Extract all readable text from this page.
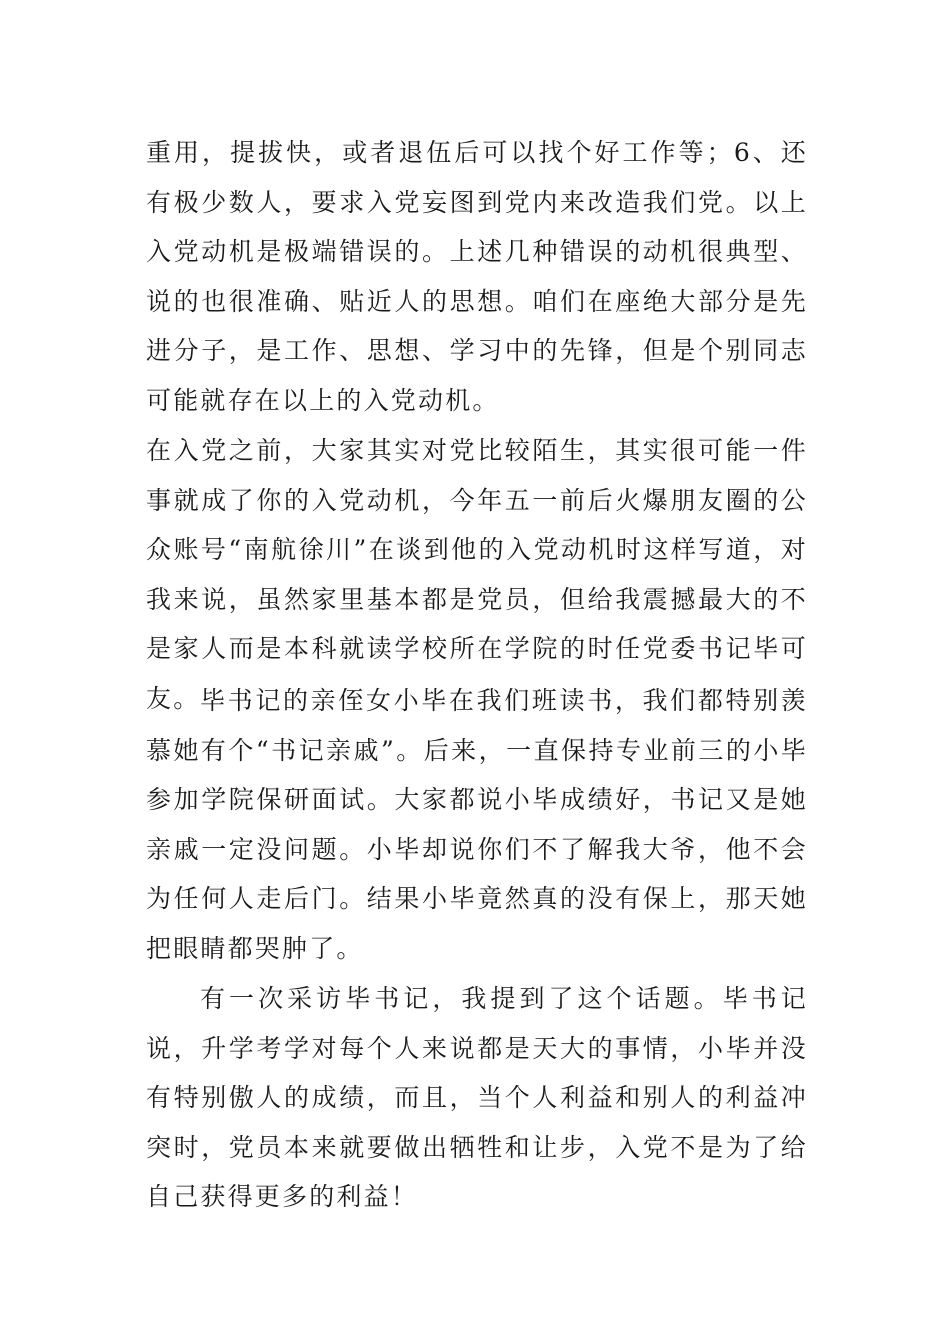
重用，提拔快，或者退伍后可以找个好工作等；6、还有极少数人，要求入党妄图到党内来改造我们党。以上入党动机是极端错误的。上述几种错误的动机很典型、说的也很准确、贴近人的思想。咱们在座绝大部分是先进分子，是工作、思想、学习中的先锋，但是个别同志可能就存在以上的入党动机。

在入党之前，大家其实对党比较陌生，其实很可能一件事就成了你的入党动机，今年五一前后火爆朋友圈的公众账号“南航徐川”在谈到他的入党动机时这样写道，对我来说，虽然家里基本都是党员，但给我震撼最大的不是家人而是本科就读学校所在学院的时任党委书记毕可友。 毕书记的亲侄女小毕在我们班读书，我们都特别羡慕她有个“书记亲戚”。后来，一直保持专业前三的小毕参加学院保研面试。大家都说小毕成绩好，书记又是她亲戚一定没问题。小毕却说你们不了解我大爷，他不会为任何人走后门。结果小毕竟然真的没有保上，那天她把眼睛都哭肿了。

有一次采访毕书记，我提到了这个话题。毕书记说，升学考学对每个人来说都是天大的事情，小毕并没有特别傲人的成绩，而且，当个人利益和别人的利益冲突时，党员本来就要做出牺牲和让步，入党不是为了给自己获得更多的利益！
